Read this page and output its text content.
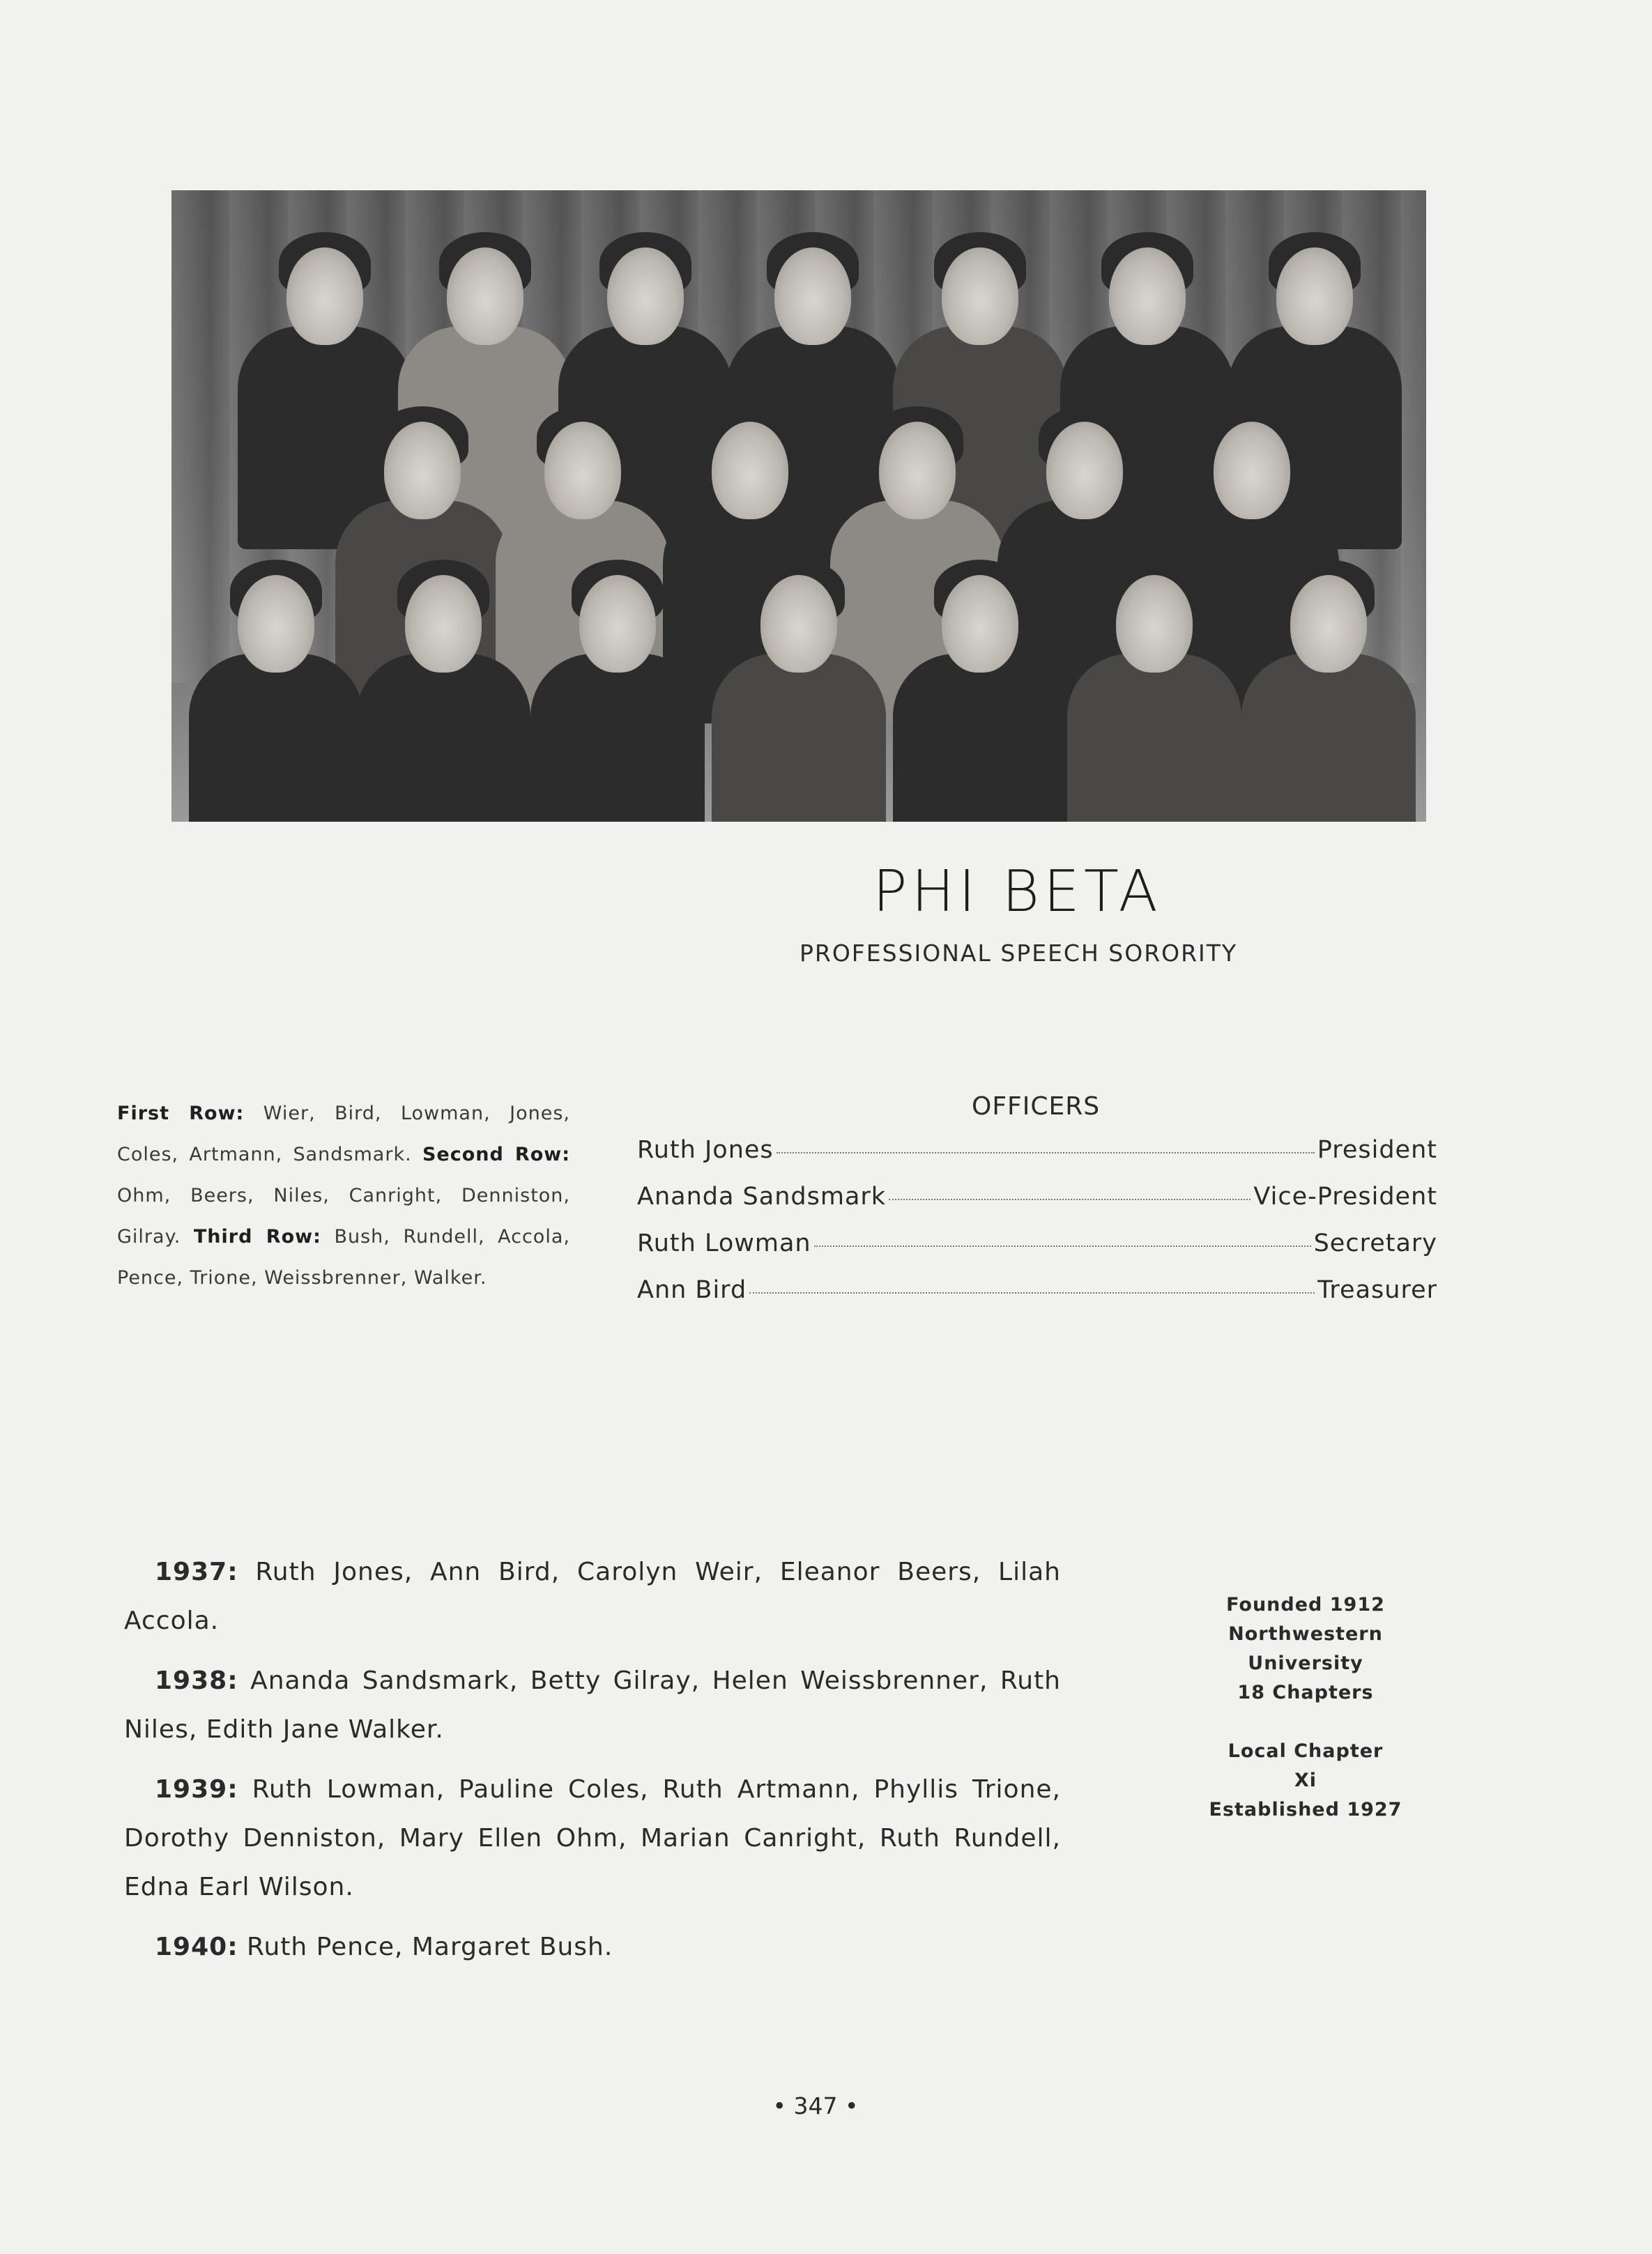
PHI BETA
PROFESSIONAL SPEECH SORORITY
First Row: Wier, Bird, Lowman, Jones, Coles, Artmann, Sandsmark. Second Row: Ohm, Beers, Niles, Canright, Denniston, Gilray. Third Row: Bush, Rundell, Accola, Pence, Trione, Weissbrenner, Walker.
OFFICERS
Ruth Jones	President
Ananda Sandsmark	Vice-President
Ruth Lowman	Secretary
Ann Bird	Treasurer
1937: Ruth Jones, Ann Bird, Carolyn Weir, Eleanor Beers, Lilah Accola.
1938: Ananda Sandsmark, Betty Gilray, Helen Weissbrenner, Ruth Niles, Edith Jane Walker.
1939: Ruth Lowman, Pauline Coles, Ruth Artmann, Phyllis Trione, Dorothy Denniston, Mary Ellen Ohm, Marian Canright, Ruth Rundell, Edna Earl Wilson.
1940: Ruth Pence, Margaret Bush.
Founded 1912
Northwestern University
18 Chapters
Local Chapter
Xi
Established 1927
• 347 •
